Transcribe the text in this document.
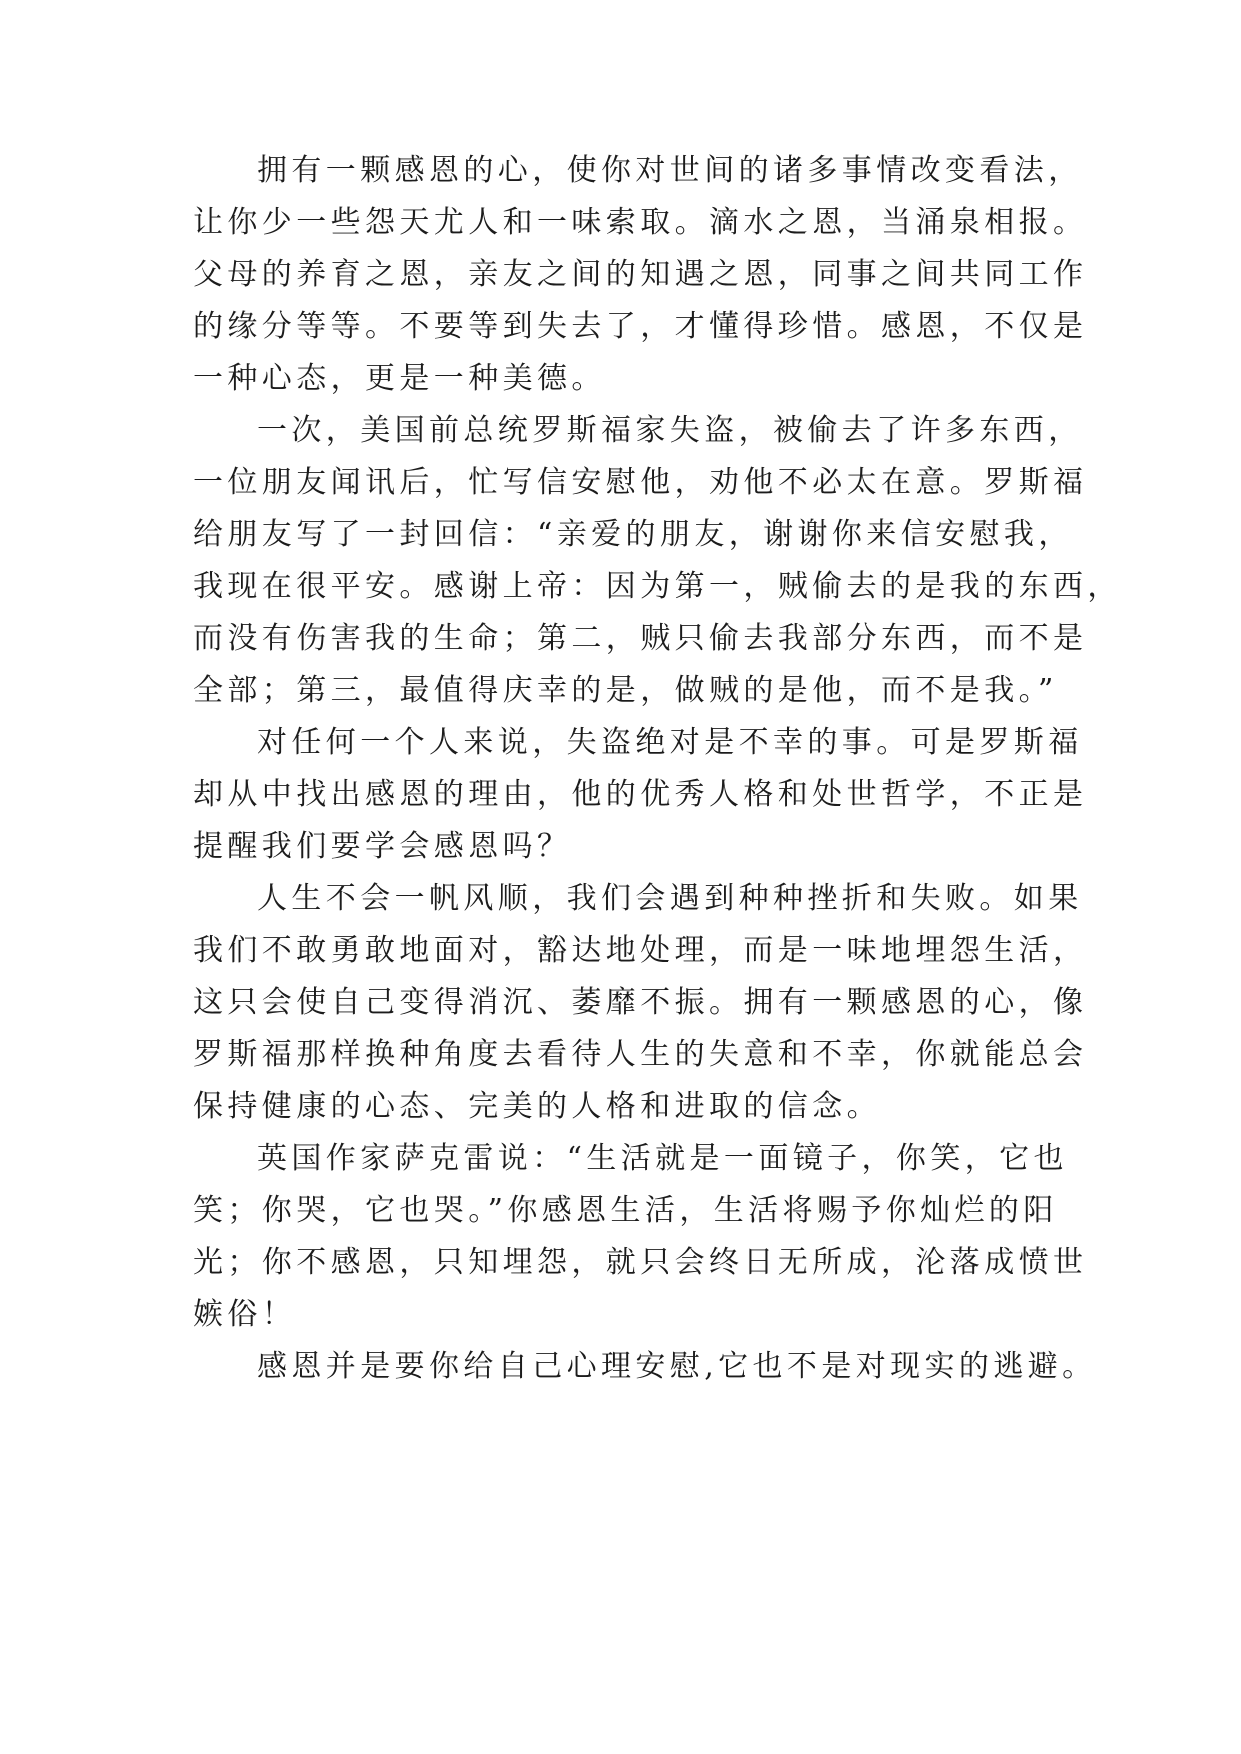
拥有一颗感恩的心，使你对世间的诸多事情改变看法，
让你少一些怨天尤人和一味索取。滴水之恩，当涌泉相报。
父母的养育之恩，亲友之间的知遇之恩，同事之间共同工作
的缘分等等。不要等到失去了，才懂得珍惜。感恩，不仅是
一种心态，更是一种美德。
一次，美国前总统罗斯福家失盗，被偷去了许多东西，
一位朋友闻讯后，忙写信安慰他，劝他不必太在意。罗斯福
给朋友写了一封回信：“亲爱的朋友，谢谢你来信安慰我，
我现在很平安。感谢上帝：因为第一，贼偷去的是我的东西，
而没有伤害我的生命；第二，贼只偷去我部分东西，而不是
全部；第三，最值得庆幸的是，做贼的是他，而不是我。”
对任何一个人来说，失盗绝对是不幸的事。可是罗斯福
却从中找出感恩的理由，他的优秀人格和处世哲学，不正是
提醒我们要学会感恩吗？
人生不会一帆风顺，我们会遇到种种挫折和失败。如果
我们不敢勇敢地面对，豁达地处理，而是一味地埋怨生活，
这只会使自己变得消沉、萎靡不振。拥有一颗感恩的心，像
罗斯福那样换种角度去看待人生的失意和不幸，你就能总会
保持健康的心态、完美的人格和进取的信念。
英国作家萨克雷说：“生活就是一面镜子，你笑，它也
笑；你哭，它也哭。”你感恩生活，生活将赐予你灿烂的阳
光；你不感恩，只知埋怨，就只会终日无所成，沦落成愤世
嫉俗！
感恩并是要你给自己心理安慰,它也不是对现实的逃避。
